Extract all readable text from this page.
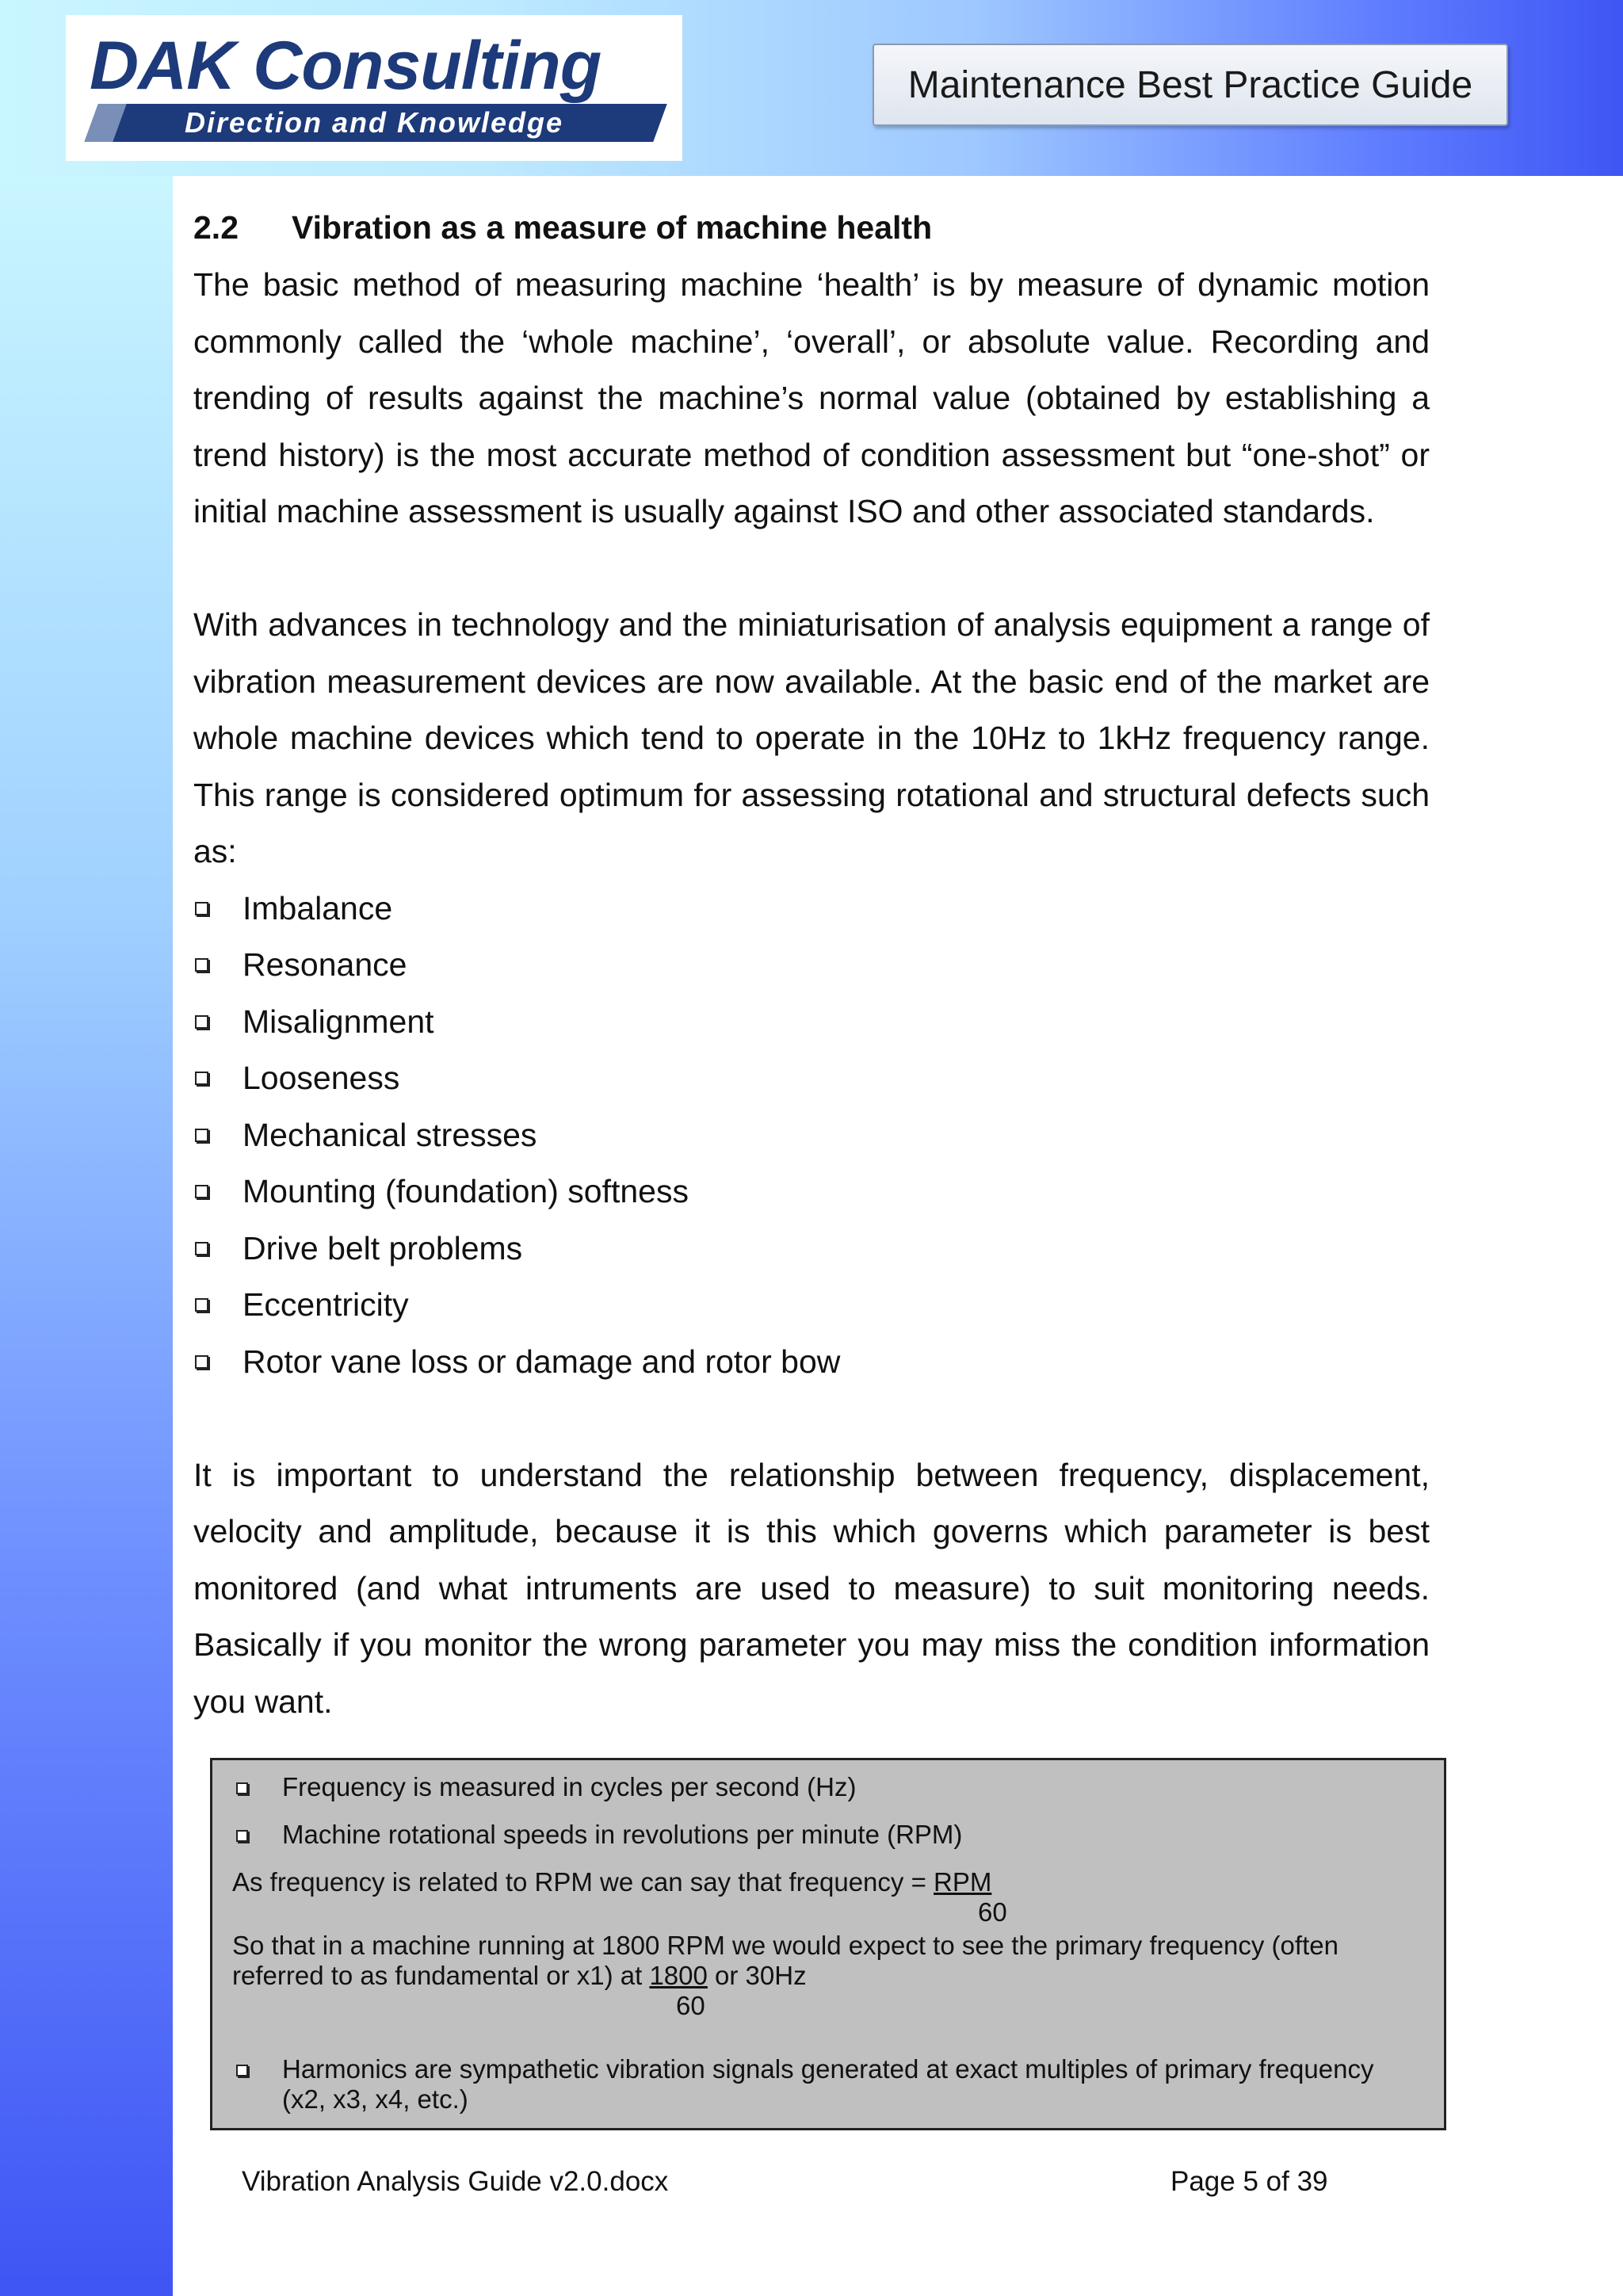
DAK Consulting
Direction and Knowledge
Maintenance Best Practice Guide
2.2 Vibration as a measure of machine health

The basic method of measuring machine ‘health’ is by measure of dynamic motion commonly called the ‘whole machine’, ‘overall’, or absolute value. Recording and trending of results against the machine’s normal value (obtained by establishing a trend history) is the most accurate method of condition assessment but “one-shot” or initial machine assessment is usually against ISO and other associated standards.

With advances in technology and the miniaturisation of analysis equipment a range of vibration measurement devices are now available. At the basic end of the market are whole machine devices which tend to operate in the 10Hz to 1kHz frequency range. This range is considered optimum for assessing rotational and structural defects such as:

Imbalance
Resonance
Misalignment
Looseness
Mechanical stresses
Mounting (foundation) softness
Drive belt problems
Eccentricity
Rotor vane loss or damage and rotor bow

It is important to understand the relationship between frequency, displacement, velocity and amplitude, because it is this which governs which parameter is best monitored (and what intruments are used to measure) to suit monitoring needs. Basically if you monitor the wrong parameter you may miss the condition information you want.

Frequency is measured in cycles per second (Hz)
Machine rotational speeds in revolutions per minute (RPM)
As frequency is related to RPM we can say that frequency = RPM
60
So that in a machine running at 1800 RPM we would expect to see the primary frequency (often
referred to as fundamental or x1) at 1800 or 30Hz
60
Harmonics are sympathetic vibration signals generated at exact multiples of primary frequency
(x2, x3, x4, etc.)
Vibration Analysis Guide v2.0.docx	Page 5 of 39
